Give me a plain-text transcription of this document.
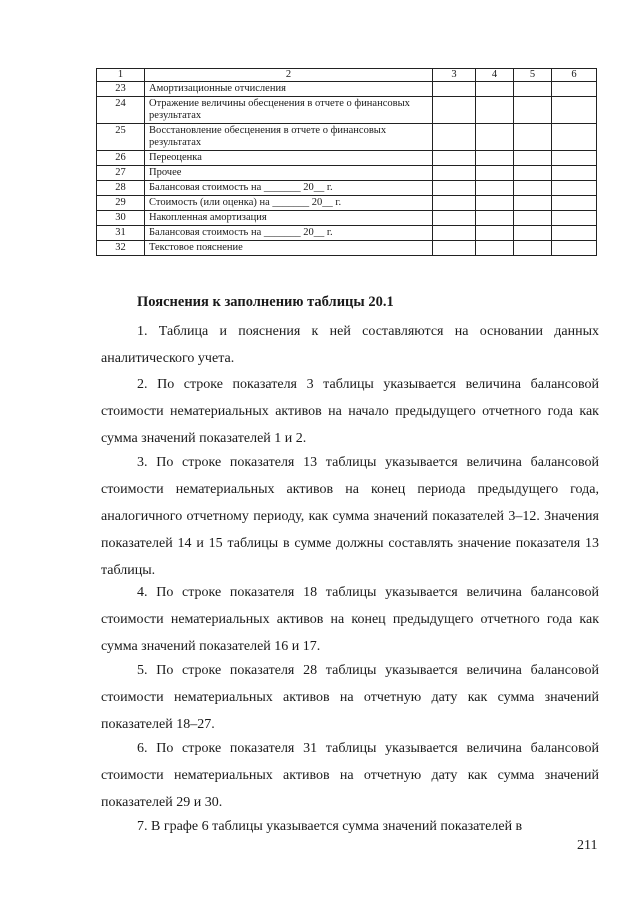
1	2	3	4	5	6
23	Амортизационные отчисления				
24	Отражение величины обесценения в отчете о финансовых результатах				
25	Восстановление обесценения в отчете о финансовых результатах				
26	Переоценка				
27	Прочее				
28	Балансовая стоимость на _______ 20__ г.				
29	Стоимость (или оценка) на _______ 20__ г.				
30	Накопленная амортизация				
31	Балансовая стоимость на _______ 20__ г.				
32	Текстовое пояснение				
Пояснения к заполнению таблицы 20.1

1. Таблица и пояснения к ней составляются на основании данных аналитического учета.

2. По строке показателя 3 таблицы указывается величина балансовой стоимости нематериальных активов на начало предыдущего отчетного года как сумма значений показателей 1 и 2.

3. По строке показателя 13 таблицы указывается величина балансовой стоимости нематериальных активов на конец периода предыдущего года, аналогичного отчетному периоду, как сумма значений показателей 3–12. Значения показателей 14 и 15 таблицы в сумме должны составлять значение показателя 13 таблицы.

4. По строке показателя 18 таблицы указывается величина балансовой стоимости нематериальных активов на конец предыдущего отчетного года как сумма значений показателей 16 и 17.

5. По строке показателя 28 таблицы указывается величина балансовой стоимости нематериальных активов на отчетную дату как сумма значений показателей 18–27.

6. По строке показателя 31 таблицы указывается величина балансовой стоимости нематериальных активов на отчетную дату как сумма значений показателей 29 и 30.

7. В графе 6 таблицы указывается сумма значений показателей в

211
